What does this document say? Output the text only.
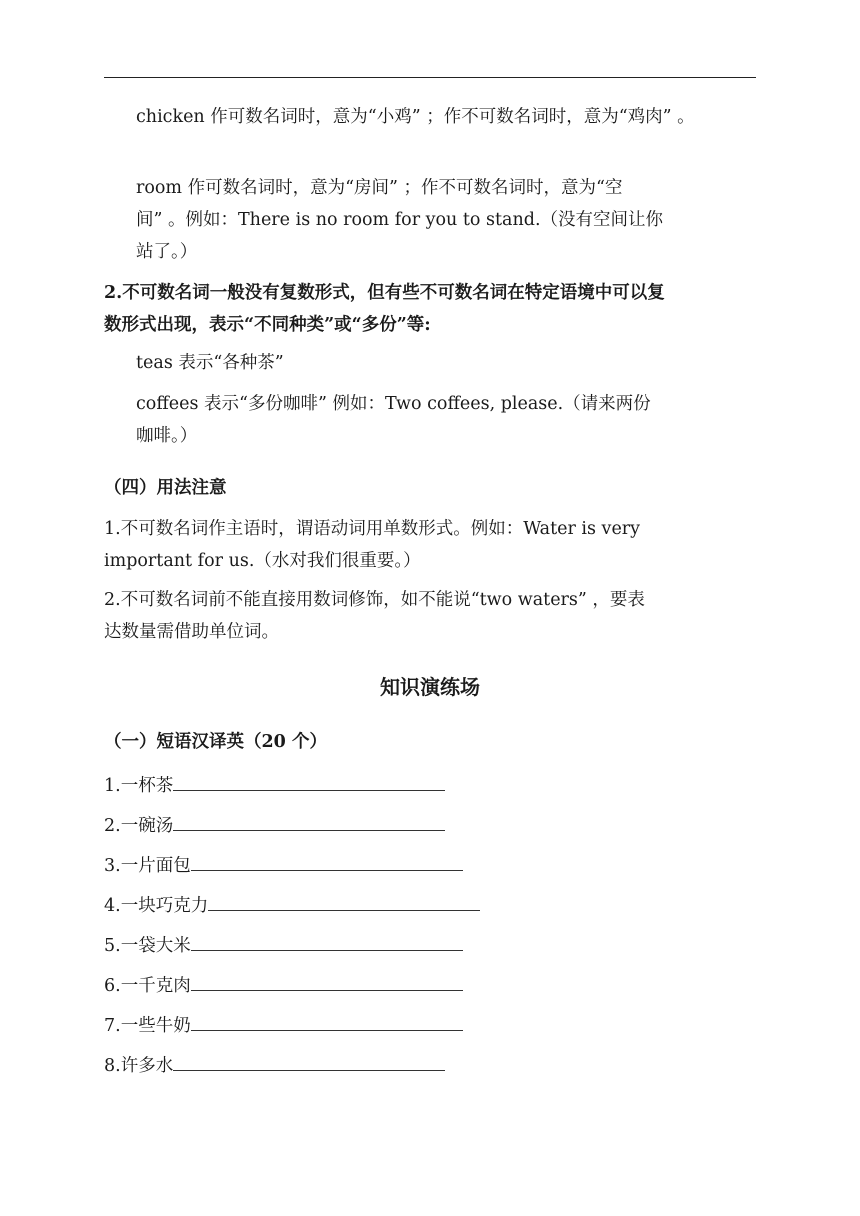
chicken 作可数名词时，意为“小鸡” ；作不可数名词时，意为“鸡肉” 。
room 作可数名词时，意为“房间” ；作不可数名词时，意为“空
间” 。例如：There is no room for you to stand.（没有空间让你
站了。）
2.不可数名词一般没有复数形式，但有些不可数名词在特定语境中可以复
数形式出现，表示“不同种类”或“多份”等:
teas 表示“各种茶”
coffees 表示“多份咖啡” 例如：Two coffees, please.（请来两份
咖啡。）
（四）用法注意
1.不可数名词作主语时，谓语动词用单数形式。例如：Water is very
important for us.（水对我们很重要。）
2.不可数名词前不能直接用数词修饰，如不能说“two waters” ，要表
达数量需借助单位词。
知识演练场
（一）短语汉译英（20 个）
1.一杯茶
2.一碗汤
3.一片面包
4.一块巧克力
5.一袋大米
6.一千克肉
7.一些牛奶
8.许多水
